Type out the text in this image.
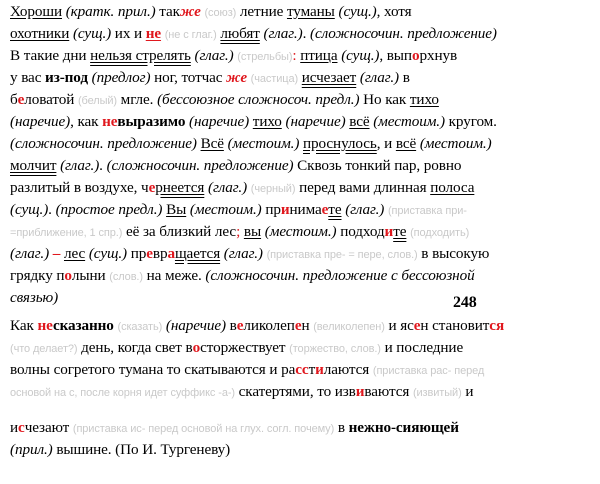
Хороши (кратк. прил.) также (союз) летние туманы (сущ.), хотя
охотники (сущ.) их и не (не с глаг.) любят (глаг.). (сложносочин. предложение)
В такие дни нельзя стрелять (глаг.) (стрельбы): птица (сущ.), выпорхнув
у вас из-под (предлог) ног, тотчас же (частица) исчезает (глаг.) в
беловатой (белый) мгле. (бессоюзное сложносоч. предл.) Но как тихо
(наречие), как невыразимо (наречие) тихо (наречие) всё (местоим.) кругом.
(сложносочин. предложение) Всё (местоим.) проснулось, и всё (местоим.)
молчит (глаг.). (сложносочин. предложение) Сквозь тонкий пар, ровно
разлитый в воздухе, чернеется (глаг.) (черный) перед вами длинная полоса
(сущ.). (простое предл.) Вы (местоим.) принимаете (глаг.) (приставка при-
=приближение, 1 спр.) её за близкий лес; вы (местоим.) подходите (подходить)
(глаг.) – лес (сущ.) превращается (глаг.) (приставка пре- = пере, слов.) в высокую
грядку полыни (слов.) на меже. (сложносочин. предложение с бессоюзной
связью)
Как несказанно (сказать) (наречие) великолепен (великолепен) и ясен становится
(что делает?) день, когда свет восторжествует (торжество, слов.) и последние
волны согретого тумана то скатываются и расстилаются (приставка рас- перед
основой на с, после корня идет суффикс -а-) скатертями, то извиваются (извитый) и
исчезают (приставка ис- перед основой на глух. согл. почему) в нежно-сияющей
(прил.) вышине. (По И. Тургеневу)
248
